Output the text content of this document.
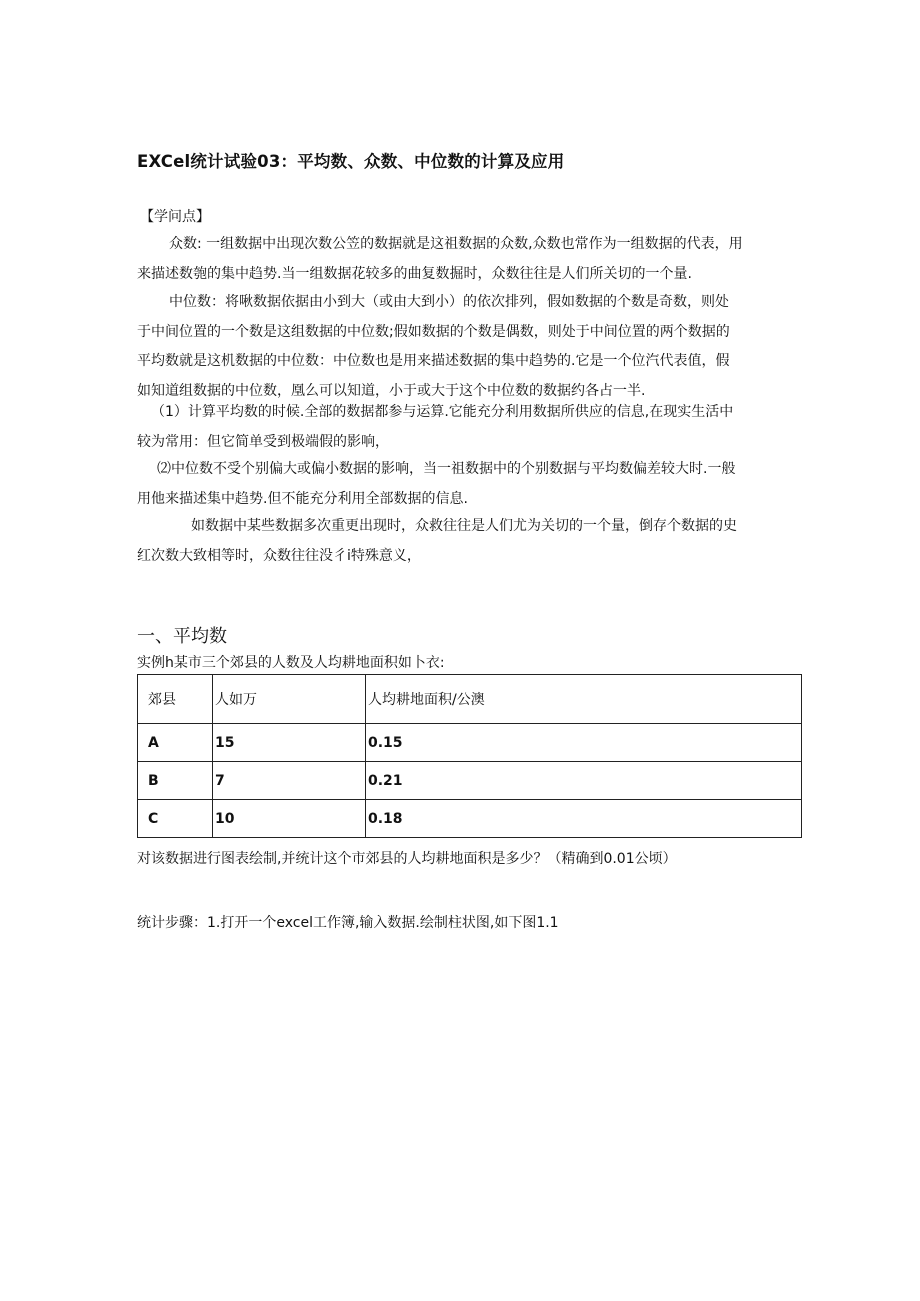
EXCel统计试验03：平均数、众数、中位数的计算及应用
【学问点】
众数: 一组数据中出现次数公笠的数据就是这祖数据的众数,众数也常作为一组数据的代表，用
来描述数匏的集中趋势.当一组数据花较多的曲复数掘时，众数往往是人们所关切的一个量.
中位数：将啾数据依据由小到大（或由大到小）的依次排列，假如数据的个数是奇数，则处
于中间位置的一个数是这组数据的中位数;假如数据的个数是偶数，则处于中间位置的两个数据的
平均数就是这机数据的中位数：中位数也是用来描述数据的集中趋势的.它是一个位汽代表值，假
如知道组数据的中位数，凰么可以知道，小于或大于这个中位数的数据约各占一半.
（1）计算平均数的时候.全部的数据都参与运算.它能充分利用数据所供应的信息,在现实生活中
较为常用：但它简单受到极端假的影响，
⑵中位数不受个别偏大或偏小数据的影响，当一祖数据中的个别数据与平均数偏差较大时.一般
用他来描述集中趋势.但不能充分利用全部数据的信息.
如数据中某些数据多次重更出现时，众救往往是人们尤为关切的一个量，倒存个数据的史
红次数大致相等时，众数往往没彳i特殊意义，
一、平均数
实例h某市三个郊县的人数及人均耕地面积如卜衣:
郊县	人如万	人均耕地面积/公澳
A	15	0.15
B	7	0.21
C	10	0.18
对该数据进行图表绘制,并统计这个市郊县的人均耕地面积是多少？（精确到0.01公顷）
统计步骤：1.打开一个excel工作簿,输入数据.绘制柱状图,如下图1.1
